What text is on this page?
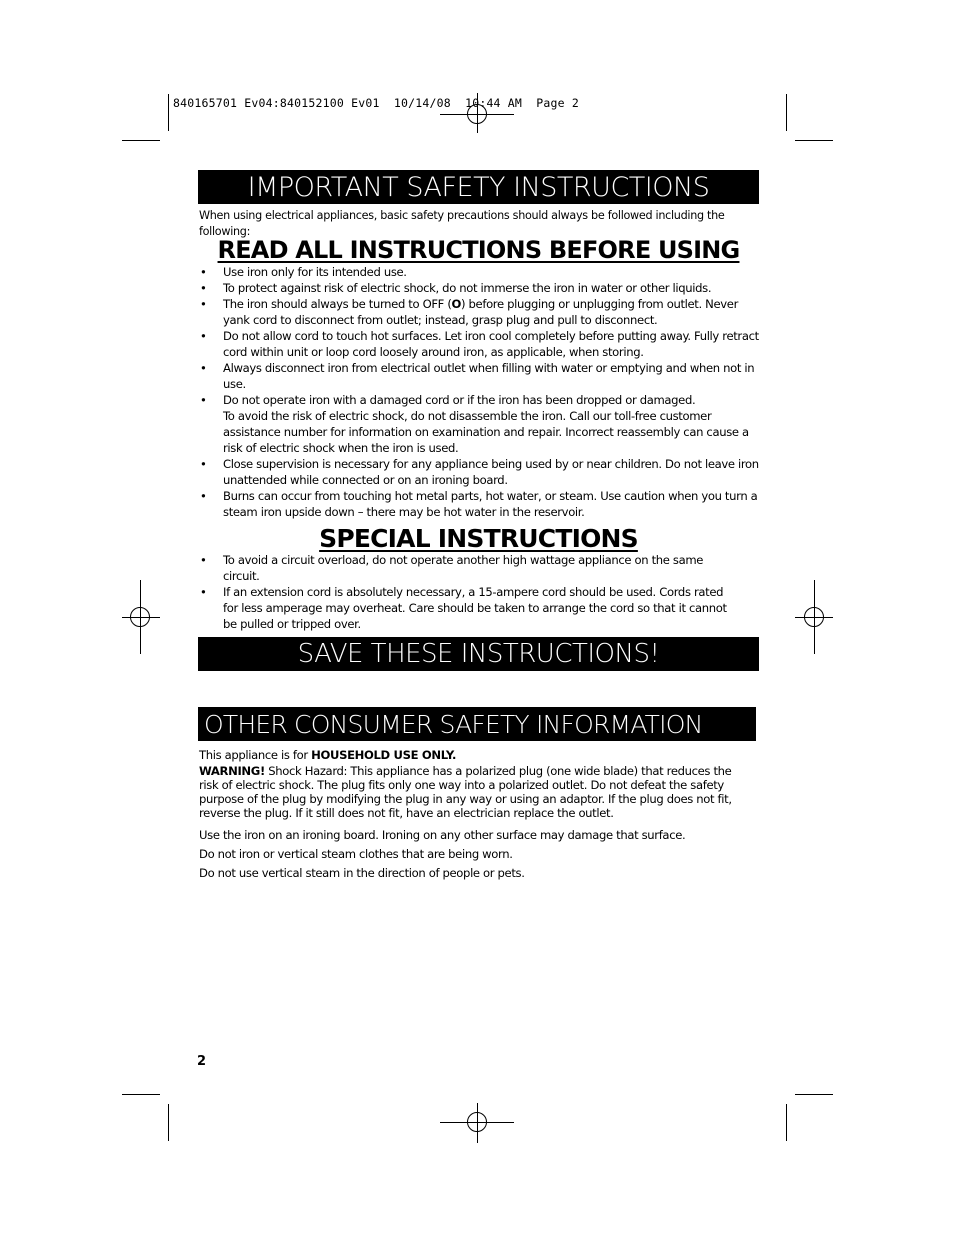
840165701 Ev04:840152100 Ev01  10/14/08  10:44 AM  Page 2
IMPORTANT SAFETY INSTRUCTIONS
When using electrical appliances, basic safety precautions should always be followed including the following:
READ ALL INSTRUCTIONS BEFORE USING
• Use iron only for its intended use.
• To protect against risk of electric shock, do not immerse the iron in water or other liquids.
• The iron should always be turned to OFF (O) before plugging or unplugging from outlet. Never yank cord to disconnect from outlet; instead, grasp plug and pull to disconnect.
• Do not allow cord to touch hot surfaces. Let iron cool completely before putting away. Fully retract cord within unit or loop cord loosely around iron, as applicable, when storing.
• Always disconnect iron from electrical outlet when filling with water or emptying and when not in use.
• Do not operate iron with a damaged cord or if the iron has been dropped or damaged.
To avoid the risk of electric shock, do not disassemble the iron. Call our toll-free customer assistance number for information on examination and repair. Incorrect reassembly can cause a risk of electric shock when the iron is used.
• Close supervision is necessary for any appliance being used by or near children. Do not leave iron unattended while connected or on an ironing board.
• Burns can occur from touching hot metal parts, hot water, or steam. Use caution when you turn a steam iron upside down – there may be hot water in the reservoir.
SPECIAL INSTRUCTIONS
• To avoid a circuit overload, do not operate another high wattage appliance on the same circuit.
• If an extension cord is absolutely necessary, a 15-ampere cord should be used. Cords rated for less amperage may overheat. Care should be taken to arrange the cord so that it cannot be pulled or tripped over.
SAVE THESE INSTRUCTIONS!
OTHER CONSUMER SAFETY INFORMATION

This appliance is for HOUSEHOLD USE ONLY.

WARNING! Shock Hazard: This appliance has a polarized plug (one wide blade) that reduces the risk of electric shock. The plug fits only one way into a polarized outlet. Do not defeat the safety purpose of the plug by modifying the plug in any way or using an adaptor. If the plug does not fit, reverse the plug. If it still does not fit, have an electrician replace the outlet.

Use the iron on an ironing board. Ironing on any other surface may damage that surface.

Do not iron or vertical steam clothes that are being worn.

Do not use vertical steam in the direction of people or pets.

2
